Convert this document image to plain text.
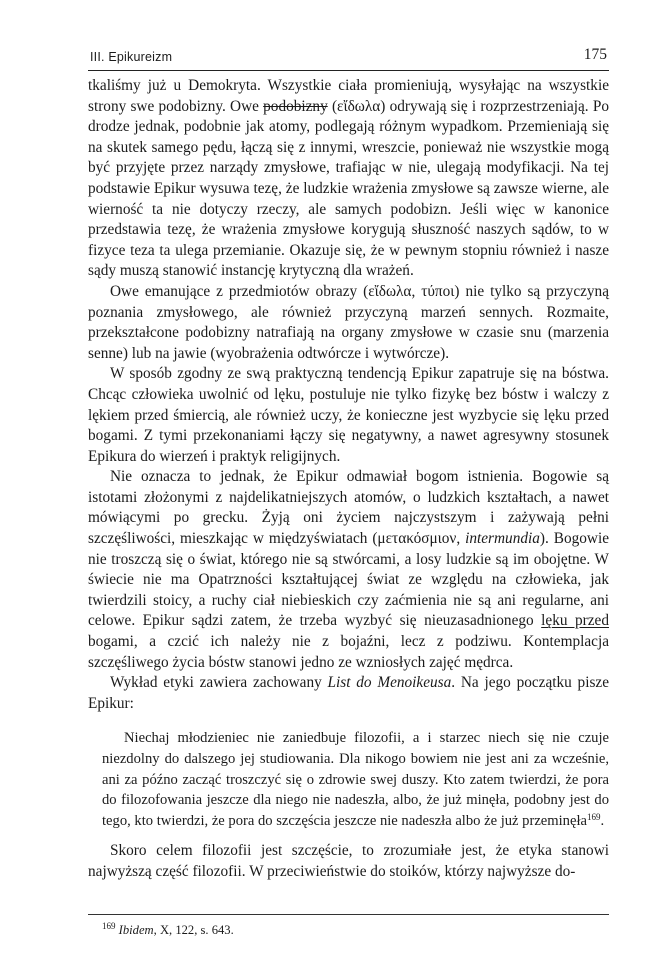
III. Epikureizm	175

tkaliśmy już u Demokryta. Wszystkie ciała promieniują, wysyłając na wszystkie strony swe podobizny. Owe podobizny (εἴδωλα) odrywają się i rozprzestrzeniają. Po drodze jednak, podobnie jak atomy, podlegają różnym wypadkom. Przemieniają się na skutek samego pędu, łączą się z innymi, wreszcie, ponieważ nie wszystkie mogą być przyjęte przez narządy zmysłowe, trafiając w nie, ulegają modyfikacji. Na tej podstawie Epikur wysuwa tezę, że ludzkie wrażenia zmysłowe są zawsze wierne, ale wierność ta nie dotyczy rzeczy, ale samych podobizn. Jeśli więc w kanonice przedstawia tezę, że wrażenia zmysłowe korygują słuszność naszych sądów, to w fizyce teza ta ulega przemianie. Okazuje się, że w pewnym stopniu również i nasze sądy muszą stanowić instancję krytyczną dla wrażeń.

Owe emanujące z przedmiotów obrazy (εἴδωλα, τύποι) nie tylko są przyczyną poznania zmysłowego, ale również przyczyną marzeń sennych. Rozmaite, przekształcone podobizny natrafiają na organy zmysłowe w czasie snu (marzenia senne) lub na jawie (wyobrażenia odtwórcze i wytwórcze).

W sposób zgodny ze swą praktyczną tendencją Epikur zapatruje się na bóstwa. Chcąc człowieka uwolnić od lęku, postuluje nie tylko fizykę bez bóstw i walczy z lękiem przed śmiercią, ale również uczy, że konieczne jest wyzbycie się lęku przed bogami. Z tymi przekonaniami łączy się negatywny, a nawet agresywny stosunek Epikura do wierzeń i praktyk religijnych.

Nie oznacza to jednak, że Epikur odmawiał bogom istnienia. Bogowie są istotami złożonymi z najdelikatniejszych atomów, o ludzkich kształtach, a nawet mówiącymi po grecku. Żyją oni życiem najczystszym i zażywają pełni szczęśliwości, mieszkając w międzyświatach (μετακόσμιον, intermundia). Bogowie nie troszczą się o świat, którego nie są stwórcami, a losy ludzkie są im obojętne. W świecie nie ma Opatrzności kształtującej świat ze względu na człowieka, jak twierdzili stoicy, a ruchy ciał niebieskich czy zaćmienia nie są ani regularne, ani celowe. Epikur sądzi zatem, że trzeba wyzbyć się nieuzasadnionego lęku przed bogami, a czcić ich należy nie z bojaźni, lecz z podziwu. Kontemplacja szczęśliwego życia bóstw stanowi jedno ze wzniosłych zajęć mędrca.

Wykład etyki zawiera zachowany List do Menoikeusa. Na jego początku pisze Epikur:

Niechaj młodzieniec nie zaniedbuje filozofii, a i starzec niech się nie czuje niezdolny do dalszego jej studiowania. Dla nikogo bowiem nie jest ani za wcześnie, ani za późno zacząć troszczyć się o zdrowie swej duszy. Kto zatem twierdzi, że pora do filozofowania jeszcze dla niego nie nadeszła, albo, że już minęła, podobny jest do tego, kto twierdzi, że pora do szczęścia jeszcze nie nadeszła albo że już przeminęła$^{169}$.

Skoro celem filozofii jest szczęście, to zrozumiałe jest, że etyka stanowi najwyższą część filozofii. W przeciwieństwie do stoików, którzy najwyższe do-

$^{169}$ Ibidem, X, 122, s. 643.
